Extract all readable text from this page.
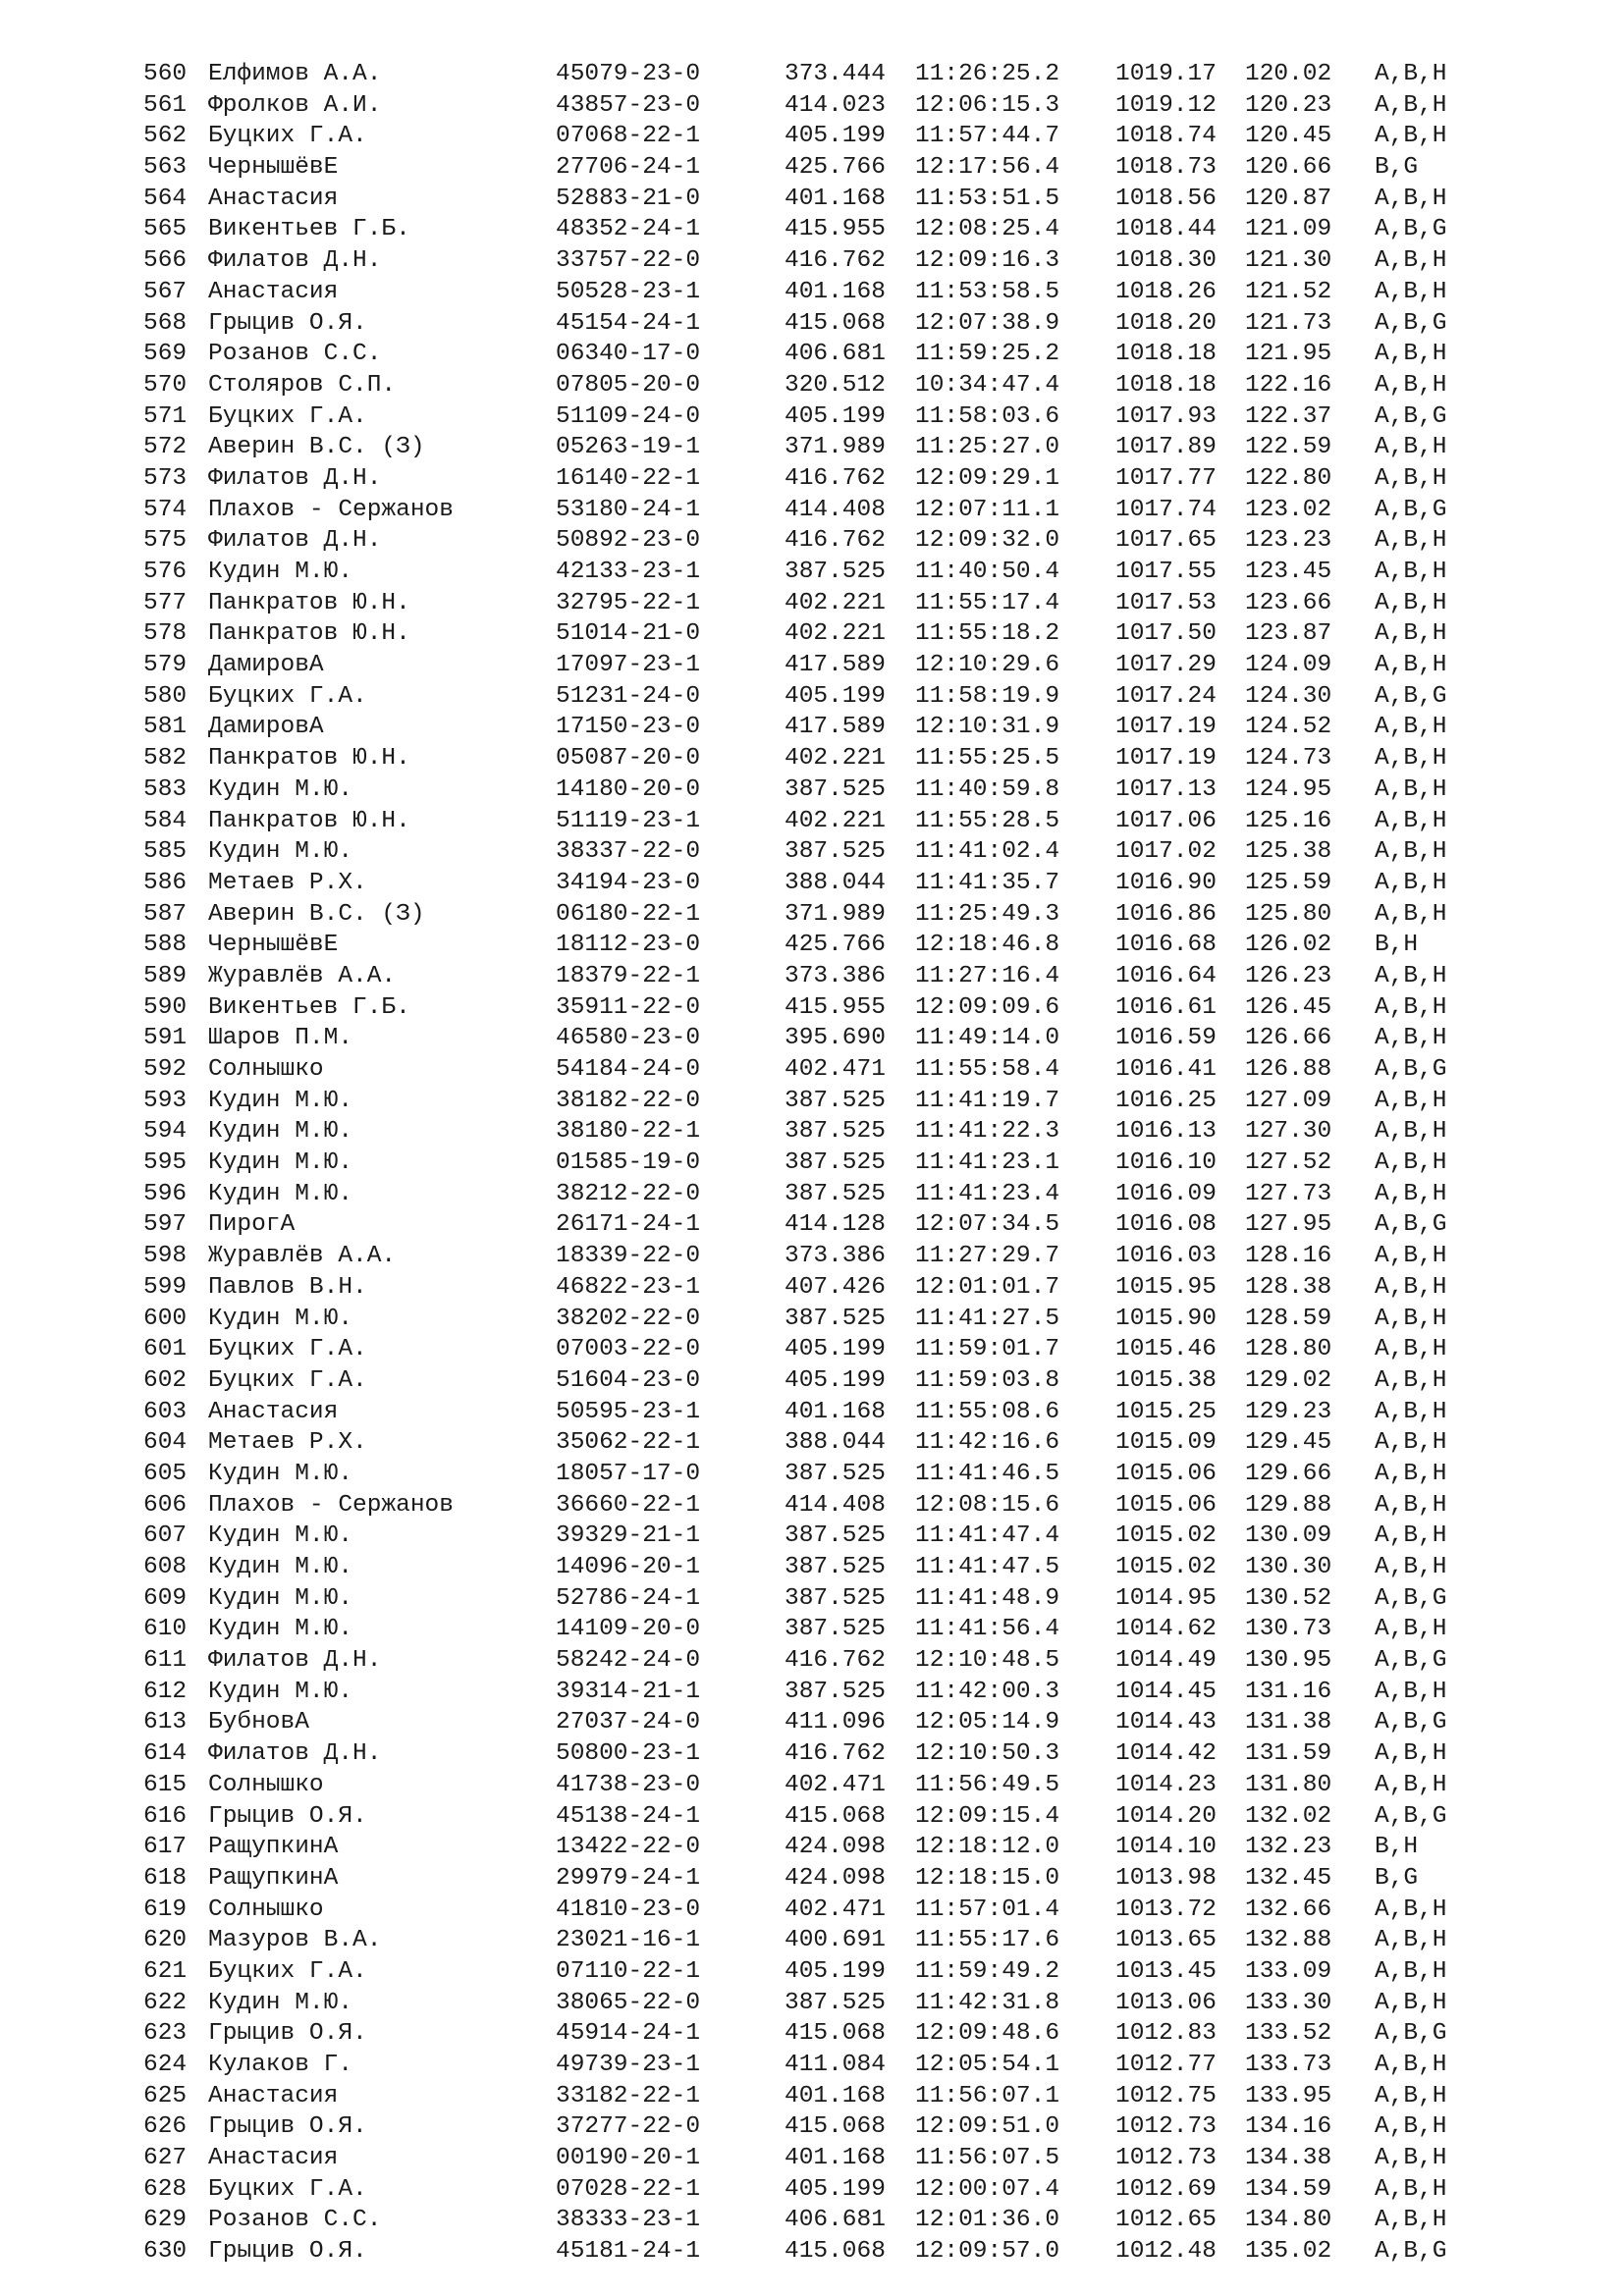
560 Елфимов А.А.	45079-23-0	373.444 11:26:25.2 1019.17 120.02 A,B,H
561 Фролков А.И.	43857-23-0	414.023 12:06:15.3 1019.12 120.23 A,B,H
562 Буцких Г.А.	07068-22-1	405.199 11:57:44.7 1018.74 120.45 A,B,H
563 ЧернышёвЕ	27706-24-1	425.766 12:17:56.4 1018.73 120.66 B,G
564 Анастасия	52883-21-0	401.168 11:53:51.5 1018.56 120.87 A,B,H
565 Викентьев Г.Б.	48352-24-1	415.955 12:08:25.4 1018.44 121.09 A,B,G
566 Филатов Д.Н.	33757-22-0	416.762 12:09:16.3 1018.30 121.30 A,B,H
567 Анастасия	50528-23-1	401.168 11:53:58.5 1018.26 121.52 A,B,H
568 Грыцив О.Я.	45154-24-1	415.068 12:07:38.9 1018.20 121.73 A,B,G
569 Розанов С.С.	06340-17-0	406.681 11:59:25.2 1018.18 121.95 A,B,H
570 Столяров С.П.	07805-20-0	320.512 10:34:47.4 1018.18 122.16 A,B,H
571 Буцких Г.А.	51109-24-0	405.199 11:58:03.6 1017.93 122.37 A,B,G
572 Аверин В.С. (З)	05263-19-1	371.989 11:25:27.0 1017.89 122.59 A,B,H
573 Филатов Д.Н.	16140-22-1	416.762 12:09:29.1 1017.77 122.80 A,B,H
574 Плахов - Сержанов	53180-24-1	414.408 12:07:11.1 1017.74 123.02 A,B,G
575 Филатов Д.Н.	50892-23-0	416.762 12:09:32.0 1017.65 123.23 A,B,H
576 Кудин М.Ю.	42133-23-1	387.525 11:40:50.4 1017.55 123.45 A,B,H
577 Панкратов Ю.Н.	32795-22-1	402.221 11:55:17.4 1017.53 123.66 A,B,H
578 Панкратов Ю.Н.	51014-21-0	402.221 11:55:18.2 1017.50 123.87 A,B,H
579 ДамировА	17097-23-1	417.589 12:10:29.6 1017.29 124.09 A,B,H
580 Буцких Г.А.	51231-24-0	405.199 11:58:19.9 1017.24 124.30 A,B,G
581 ДамировА	17150-23-0	417.589 12:10:31.9 1017.19 124.52 A,B,H
582 Панкратов Ю.Н.	05087-20-0	402.221 11:55:25.5 1017.19 124.73 A,B,H
583 Кудин М.Ю.	14180-20-0	387.525 11:40:59.8 1017.13 124.95 A,B,H
584 Панкратов Ю.Н.	51119-23-1	402.221 11:55:28.5 1017.06 125.16 A,B,H
585 Кудин М.Ю.	38337-22-0	387.525 11:41:02.4 1017.02 125.38 A,B,H
586 Метаев Р.Х.	34194-23-0	388.044 11:41:35.7 1016.90 125.59 A,B,H
587 Аверин В.С. (З)	06180-22-1	371.989 11:25:49.3 1016.86 125.80 A,B,H
588 ЧернышёвЕ	18112-23-0	425.766 12:18:46.8 1016.68 126.02 B,H
589 Журавлёв А.А.	18379-22-1	373.386 11:27:16.4 1016.64 126.23 A,B,H
590 Викентьев Г.Б.	35911-22-0	415.955 12:09:09.6 1016.61 126.45 A,B,H
591 Шаров П.М.	46580-23-0	395.690 11:49:14.0 1016.59 126.66 A,B,H
592 Солнышко	54184-24-0	402.471 11:55:58.4 1016.41 126.88 A,B,G
593 Кудин М.Ю.	38182-22-0	387.525 11:41:19.7 1016.25 127.09 A,B,H
594 Кудин М.Ю.	38180-22-1	387.525 11:41:22.3 1016.13 127.30 A,B,H
595 Кудин М.Ю.	01585-19-0	387.525 11:41:23.1 1016.10 127.52 A,B,H
596 Кудин М.Ю.	38212-22-0	387.525 11:41:23.4 1016.09 127.73 A,B,H
597 ПирогА	26171-24-1	414.128 12:07:34.5 1016.08 127.95 A,B,G
598 Журавлёв А.А.	18339-22-0	373.386 11:27:29.7 1016.03 128.16 A,B,H
599 Павлов В.Н.	46822-23-1	407.426 12:01:01.7 1015.95 128.38 A,B,H
600 Кудин М.Ю.	38202-22-0	387.525 11:41:27.5 1015.90 128.59 A,B,H
601 Буцких Г.А.	07003-22-0	405.199 11:59:01.7 1015.46 128.80 A,B,H
602 Буцких Г.А.	51604-23-0	405.199 11:59:03.8 1015.38 129.02 A,B,H
603 Анастасия	50595-23-1	401.168 11:55:08.6 1015.25 129.23 A,B,H
604 Метаев Р.Х.	35062-22-1	388.044 11:42:16.6 1015.09 129.45 A,B,H
605 Кудин М.Ю.	18057-17-0	387.525 11:41:46.5 1015.06 129.66 A,B,H
606 Плахов - Сержанов	36660-22-1	414.408 12:08:15.6 1015.06 129.88 A,B,H
607 Кудин М.Ю.	39329-21-1	387.525 11:41:47.4 1015.02 130.09 A,B,H
608 Кудин М.Ю.	14096-20-1	387.525 11:41:47.5 1015.02 130.30 A,B,H
609 Кудин М.Ю.	52786-24-1	387.525 11:41:48.9 1014.95 130.52 A,B,G
610 Кудин М.Ю.	14109-20-0	387.525 11:41:56.4 1014.62 130.73 A,B,H
611 Филатов Д.Н.	58242-24-0	416.762 12:10:48.5 1014.49 130.95 A,B,G
612 Кудин М.Ю.	39314-21-1	387.525 11:42:00.3 1014.45 131.16 A,B,H
613 БубновА	27037-24-0	411.096 12:05:14.9 1014.43 131.38 A,B,G
614 Филатов Д.Н.	50800-23-1	416.762 12:10:50.3 1014.42 131.59 A,B,H
615 Солнышко	41738-23-0	402.471 11:56:49.5 1014.23 131.80 A,B,H
616 Грыцив О.Я.	45138-24-1	415.068 12:09:15.4 1014.20 132.02 A,B,G
617 РащупкинА	13422-22-0	424.098 12:18:12.0 1014.10 132.23 B,H
618 РащупкинА	29979-24-1	424.098 12:18:15.0 1013.98 132.45 B,G
619 Солнышко	41810-23-0	402.471 11:57:01.4 1013.72 132.66 A,B,H
620 Мазуров В.А.	23021-16-1	400.691 11:55:17.6 1013.65 132.88 A,B,H
621 Буцких Г.А.	07110-22-1	405.199 11:59:49.2 1013.45 133.09 A,B,H
622 Кудин М.Ю.	38065-22-0	387.525 11:42:31.8 1013.06 133.30 A,B,H
623 Грыцив О.Я.	45914-24-1	415.068 12:09:48.6 1012.83 133.52 A,B,G
624 Кулаков Г.	49739-23-1	411.084 12:05:54.1 1012.77 133.73 A,B,H
625 Анастасия	33182-22-1	401.168 11:56:07.1 1012.75 133.95 A,B,H
626 Грыцив О.Я.	37277-22-0	415.068 12:09:51.0 1012.73 134.16 A,B,H
627 Анастасия	00190-20-1	401.168 11:56:07.5 1012.73 134.38 A,B,H
628 Буцких Г.А.	07028-22-1	405.199 12:00:07.4 1012.69 134.59 A,B,H
629 Розанов С.С.	38333-23-1	406.681 12:01:36.0 1012.65 134.80 A,B,H
630 Грыцив О.Я.	45181-24-1	415.068 12:09:57.0 1012.48 135.02 A,B,G
